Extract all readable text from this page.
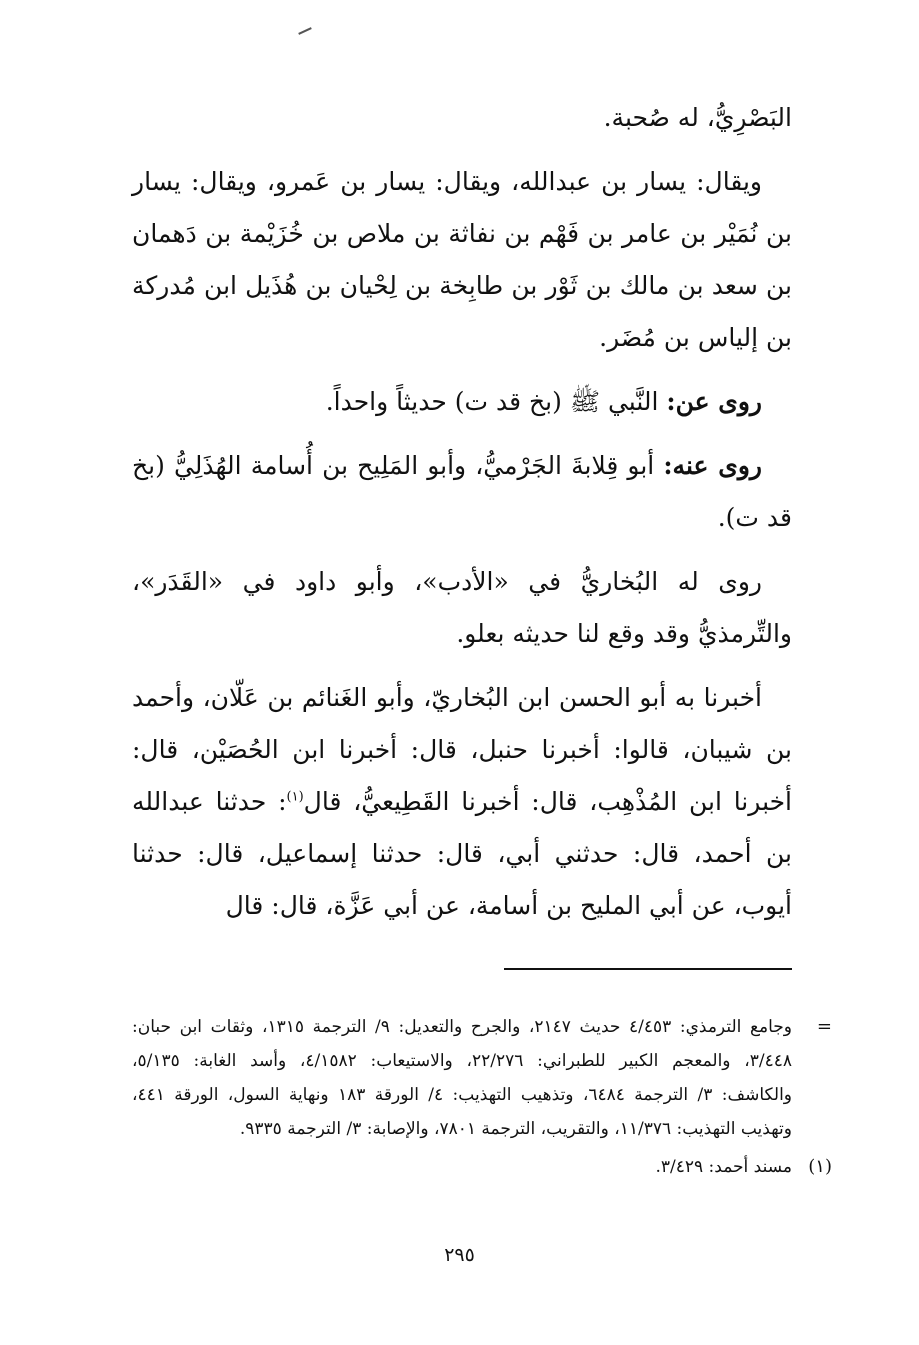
البَصْرِيُّ، له صُحبة.

ويقال: يسار بن عبدالله، ويقال: يسار بن عَمرو، ويقال: يسار بن نُمَيْر بن عامر بن فَهْم بن نفاثة بن ملاص بن خُزَيْمة بن دَهمان بن سعد بن مالك بن ثَوْر بن طابِخة بن لِحْيان بن هُذَيل ابن مُدركة بن إلياس بن مُضَر.

روى عن: النَّبي ﷺ (بخ قد ت) حديثاً واحداً.

روى عنه: أبو قِلابةَ الجَرْميُّ، وأبو المَلِيح بن أُسامة الهُذَلِيُّ (بخ قد ت).

روى له البُخاريُّ في «الأدب»، وأبو داود في «القَدَر»، والتِّرمذيُّ وقد وقع لنا حديثه بعلو.

أخبرنا به أبو الحسن ابن البُخاريّ، وأبو الغَنائم بن عَلّان، وأحمد بن شيبان، قالوا: أخبرنا حنبل، قال: أخبرنا ابن الحُصَيْن، قال: أخبرنا ابن المُذْهِب، قال: أخبرنا القَطِيعيُّ، قال$^{(١)}$: حدثنا عبدالله بن أحمد، قال: حدثني أبي، قال: حدثنا إسماعيل، قال: حدثنا أيوب، عن أبي المليح بن أسامة، عن أبي عَزَّة، قال: قال

=
وجامع الترمذي: ٤/٤٥٣ حديث ٢١٤٧، والجرح والتعديل: ٩/ الترجمة ١٣١٥، وثقات ابن حبان: ٣/٤٤٨، والمعجم الكبير للطبراني: ٢٢/٢٧٦، والاستيعاب: ٤/١٥٨٢، وأسد الغابة: ٥/١٣٥، والكاشف: ٣/ الترجمة ٦٤٨٤، وتذهيب التهذيب: ٤/ الورقة ١٨٣ ونهاية السول، الورقة ٤٤١، وتهذيب التهذيب: ١١/٣٧٦، والتقريب، الترجمة ٧٨٠١، والإصابة: ٣/ الترجمة ٩٣٣٥.
(١)
مسند أحمد: ٣/٤٢٩.
٢٩٥
